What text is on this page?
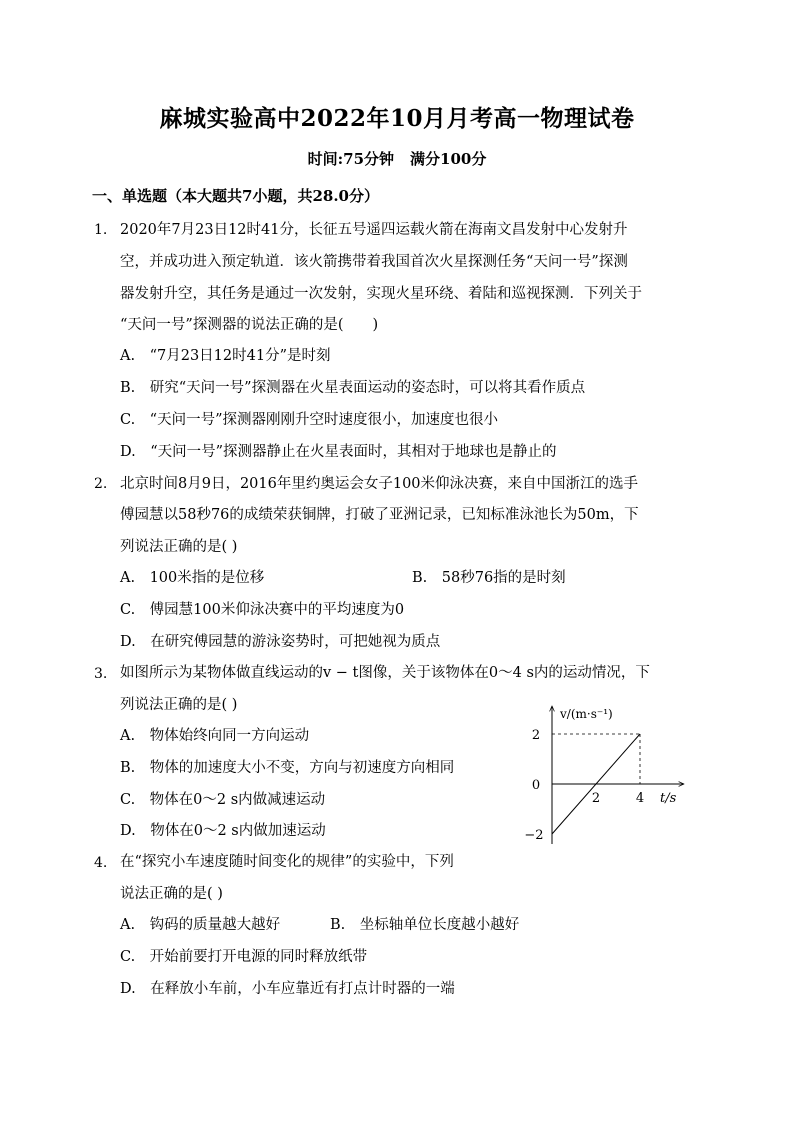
麻城实验高中2022年10月月考高一物理试卷
时间:75分钟 满分100分
一、单选题（本大题共7小题，共28.0分）
1. 2020年7月23日12时41分，长征五号遥四运载火箭在海南文昌发射中心发射升
空，并成功进入预定轨道．该火箭携带着我国首次火星探测任务“天问一号”探测
器发射升空，其任务是通过一次发射，实现火星环绕、着陆和巡视探测．下列关于
“天问一号”探测器的说法正确的是(　　)
A.　“7月23日12时41分”是时刻
B.　研究“天问一号”探测器在火星表面运动的姿态时，可以将其看作质点
C.　“天问一号”探测器刚刚升空时速度很小，加速度也很小
D.　“天问一号”探测器静止在火星表面时，其相对于地球也是静止的
2. 北京时间8月9日，2016年里约奥运会女子100米仰泳决赛，来自中国浙江的选手
傅园慧以58秒76的成绩荣获铜牌，打破了亚洲记录，已知标准泳池长为50m，下
列说法正确的是( )
A.　100米指的是位移	B.　58秒76指的是时刻
C.　傅园慧100米仰泳决赛中的平均速度为0
D.　在研究傅园慧的游泳姿势时，可把她视为质点
3. 如图所示为某物体做直线运动的v − t图像，关于该物体在0～4 s内的运动情况，下
列说法正确的是( )
A.　物体始终向同一方向运动
B.　物体的加速度大小不变，方向与初速度方向相同
C.　物体在0～2 s内做减速运动
D.　物体在0～2 s内做加速运动
v/(m·s⁻¹)
t/s
2
0
−2
2	4
4. 在“探究小车速度随时间变化的规律”的实验中，下列
说法正确的是( )
A.　钩码的质量越大越好	B.　坐标轴单位长度越小越好
C.　开始前要打开电源的同时释放纸带
D.　在释放小车前，小车应靠近有打点计时器的一端
